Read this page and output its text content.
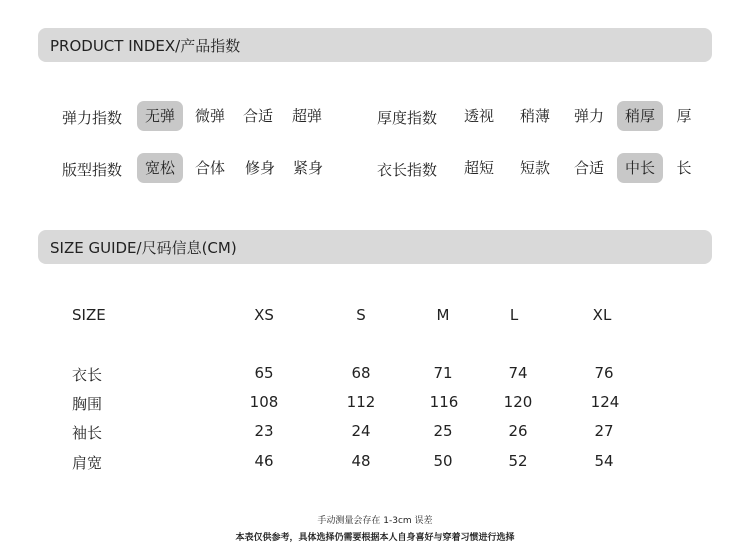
PRODUCT INDEX/产品指数
弹力指数	无弹	微弹	合适	超弹	厚度指数	透视	稍薄	弹力	稍厚	厚
版型指数	宽松	合体	修身	紧身	衣长指数	超短	短款	合适	中长	长
SIZE GUIDE/尺码信息(CM)
SIZE	XS	S	M	L	XL
衣长	65	68	71	74	76
胸围	108	112	116	120	124
袖长	23	24	25	26	27
肩宽	46	48	50	52	54
手动测量会存在 1-3cm 误差
本表仅供参考，具体选择仍需要根据本人自身喜好与穿着习惯进行选择
